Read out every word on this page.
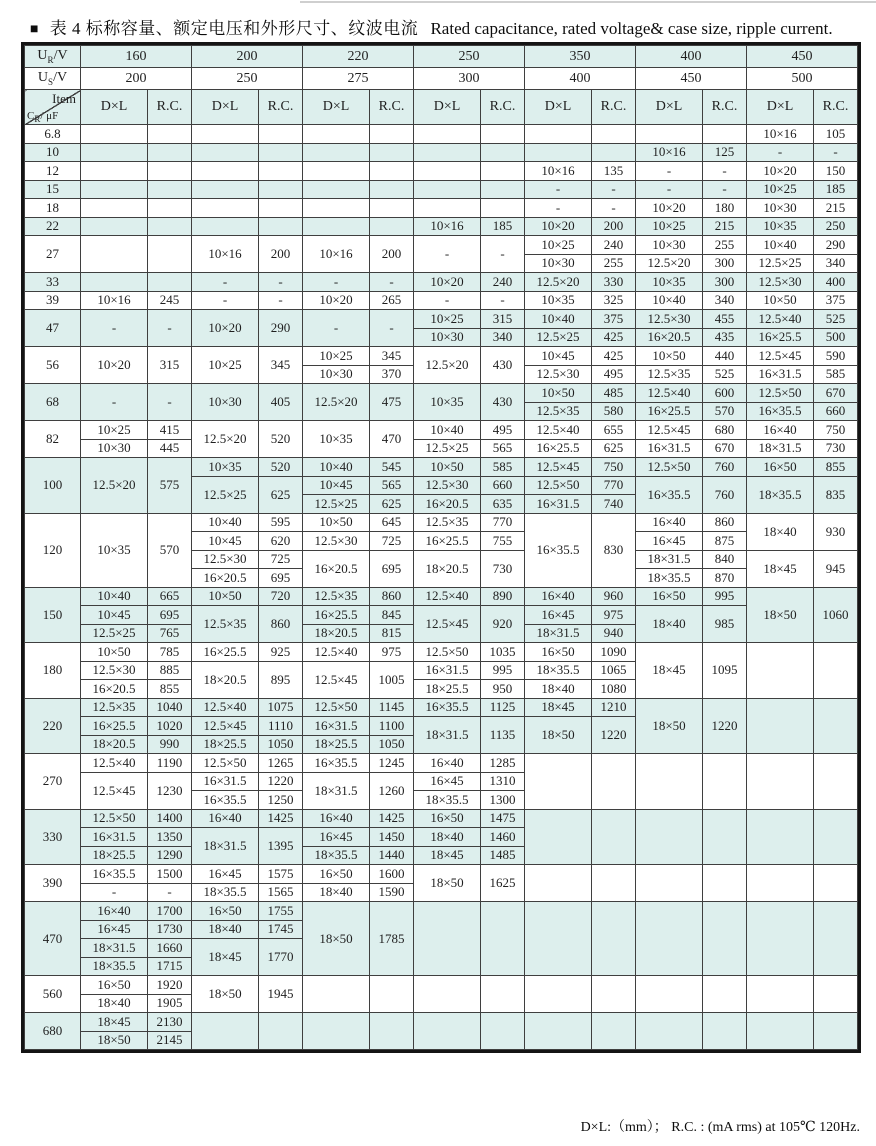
■ 表 4 标称容量、额定电压和外形尺寸、纹波电流 Rated capacitance, rated voltage& case size, ripple current.
$U_R/V$	160		200		220		250		350		400		450	
$U_S/V$	200		250		275		300		400		450		500	

Item
$C_R/$ μF	D×L	R.C.	D×L	R.C.	D×L	R.C.	D×L	R.C.	D×L	R.C.	D×L	R.C.	D×L	R.C.
6.8													10×16	105
10											10×16	125	-	-
12									10×16	135	-	-	10×20	150
15									-	-	-	-	10×25	185
18									-	-	10×20	180	10×30	215
22							10×16	185	10×20	200	10×25	215	10×35	250
27			10×16	200	10×16	200	-	-	10×25	240	10×30	255	10×40	290
									10×30	255	12.5×20	300	12.5×25	340
33			-	-	-	-	10×20	240	12.5×20	330	10×35	300	12.5×30	400
39	10×16	245	-	-	10×20	265	-	-	10×35	325	10×40	340	10×50	375
47	-	-	10×20	290	-	-	10×25	315	10×40	375	12.5×30	455	12.5×40	525
							10×30	340	12.5×25	425	16×20.5	435	16×25.5	500
56	10×20	315	10×25	345	10×25	345	12.5×20	430	10×45	425	10×50	440	12.5×45	590
					10×30	370			12.5×30	495	12.5×35	525	16×31.5	585
68	-	-	10×30	405	12.5×20	475	10×35	430	10×50	485	12.5×40	600	12.5×50	670
									12.5×35	580	16×25.5	570	16×35.5	660
82	10×25	415	12.5×20	520	10×35	470	10×40	495	12.5×40	655	12.5×45	680	16×40	750
	10×30	445					12.5×25	565	16×25.5	625	16×31.5	670	18×31.5	730
100	12.5×20	575	10×35	520	10×40	545	10×50	585	12.5×45	750	12.5×50	760	16×50	855
			12.5×25	625	10×45	565	12.5×30	660	12.5×50	770	16×35.5	760	18×35.5	835
					12.5×25	625	16×20.5	635	16×31.5	740				
120	10×35	570	10×40	595	10×50	645	12.5×35	770	16×35.5	830	16×40	860	18×40	930
			10×45	620	12.5×30	725	16×25.5	755			16×45	875		
			12.5×30	725	16×20.5	695	18×20.5	730			18×31.5	840	18×45	945
			16×20.5	695							18×35.5	870		
150	10×40	665	10×50	720	12.5×35	860	12.5×40	890	16×40	960	16×50	995	18×50	1060
	10×45	695	12.5×35	860	16×25.5	845	12.5×45	920	16×45	975	18×40	985		
	12.5×25	765			18×20.5	815			18×31.5	940				
180	10×50	785	16×25.5	925	12.5×40	975	12.5×50	1035	16×50	1090	18×45	1095		
	12.5×30	885	18×20.5	895	12.5×45	1005	16×31.5	995	18×35.5	1065				
	16×20.5	855					18×25.5	950	18×40	1080				
220	12.5×35	1040	12.5×40	1075	12.5×50	1145	16×35.5	1125	18×45	1210	18×50	1220		
	16×25.5	1020	12.5×45	1110	16×31.5	1100	18×31.5	1135	18×50	1220				
	18×20.5	990	18×25.5	1050	18×25.5	1050								
270	12.5×40	1190	12.5×50	1265	16×35.5	1245	16×40	1285						
	12.5×45	1230	16×31.5	1220	18×31.5	1260	16×45	1310						
			16×35.5	1250			18×35.5	1300						
330	12.5×50	1400	16×40	1425	16×40	1425	16×50	1475						
	16×31.5	1350	18×31.5	1395	16×45	1450	18×40	1460						
	18×25.5	1290			18×35.5	1440	18×45	1485						
390	16×35.5	1500	16×45	1575	16×50	1600	18×50	1625						
	-	-	18×35.5	1565	18×40	1590								
470	16×40	1700	16×50	1755	18×50	1785								
	16×45	1730	18×40	1745										
	18×31.5	1660	18×45	1770										
	18×35.5	1715												
560	16×50	1920	18×50	1945										
	18×40	1905												
680	18×45	2130												
	18×50	2145												
D×L:（mm）； R.C. : (mA rms) at 105℃ 120Hz.
